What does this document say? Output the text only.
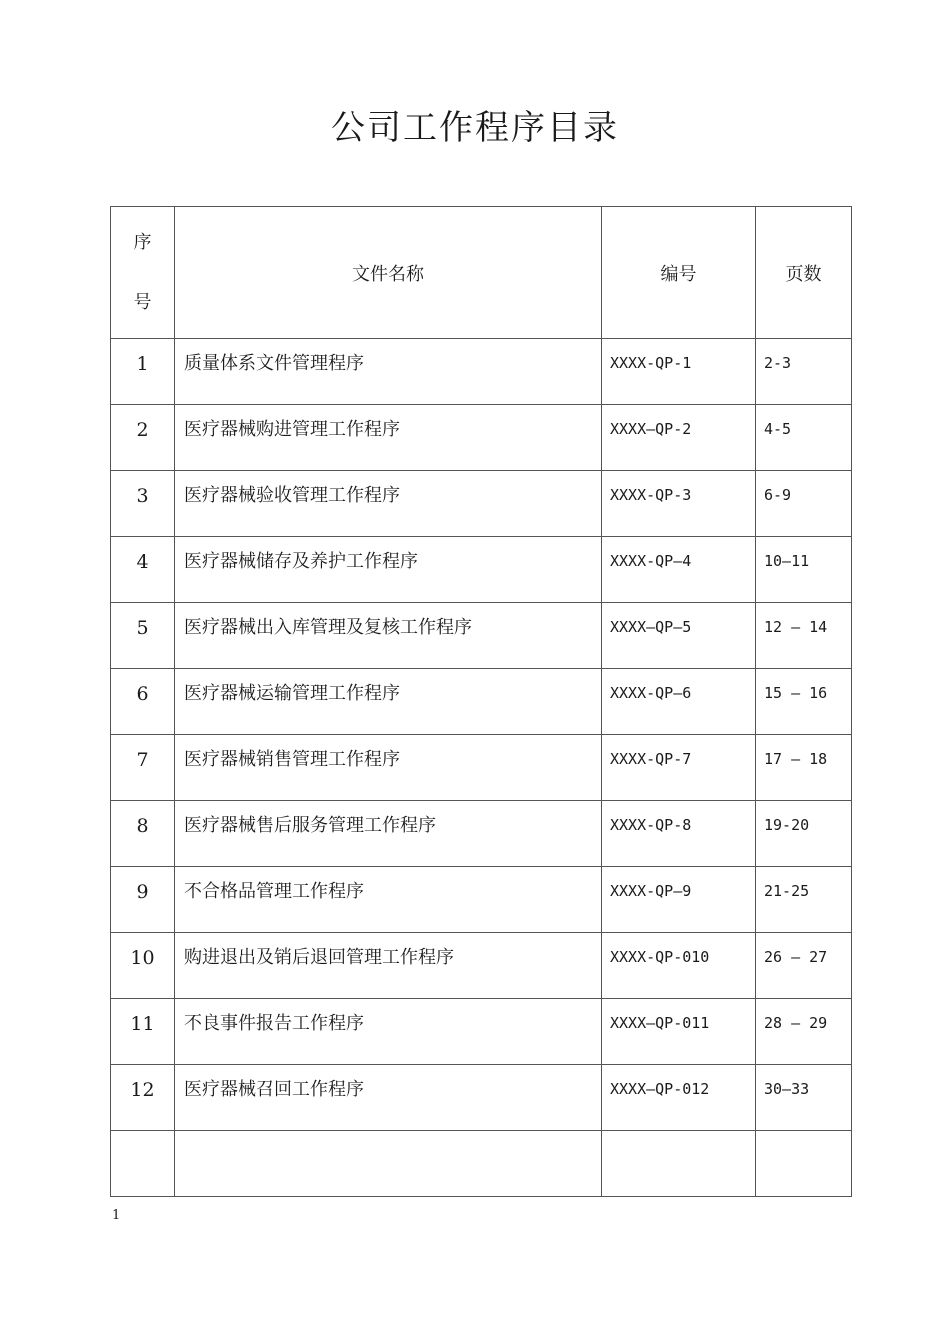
公司工作程序目录
序
号	文件名称	编号	页数
1	质量体系文件管理程序	XXXX-QP-1	2-3
2	医疗器械购进管理工作程序	XXXX—QP-2	4-5
3	医疗器械验收管理工作程序	XXXX-QP-3	6-9
4	医疗器械储存及养护工作程序	XXXX-QP—4	10—11
5	医疗器械出入库管理及复核工作程序	XXXX—QP—5	12 — 14
6	医疗器械运输管理工作程序	XXXX-QP—6	15 — 16
7	医疗器械销售管理工作程序	XXXX-QP-7	17 — 18
8	医疗器械售后服务管理工作程序	XXXX-QP-8	19-20
9	不合格品管理工作程序	XXXX-QP—9	21-25
10	购进退出及销后退回管理工作程序	XXXX-QP-010	26 — 27
11	不良事件报告工作程序	XXXX—QP-011	28 — 29
12	医疗器械召回工作程序	XXXX—QP-012	30—33

1
